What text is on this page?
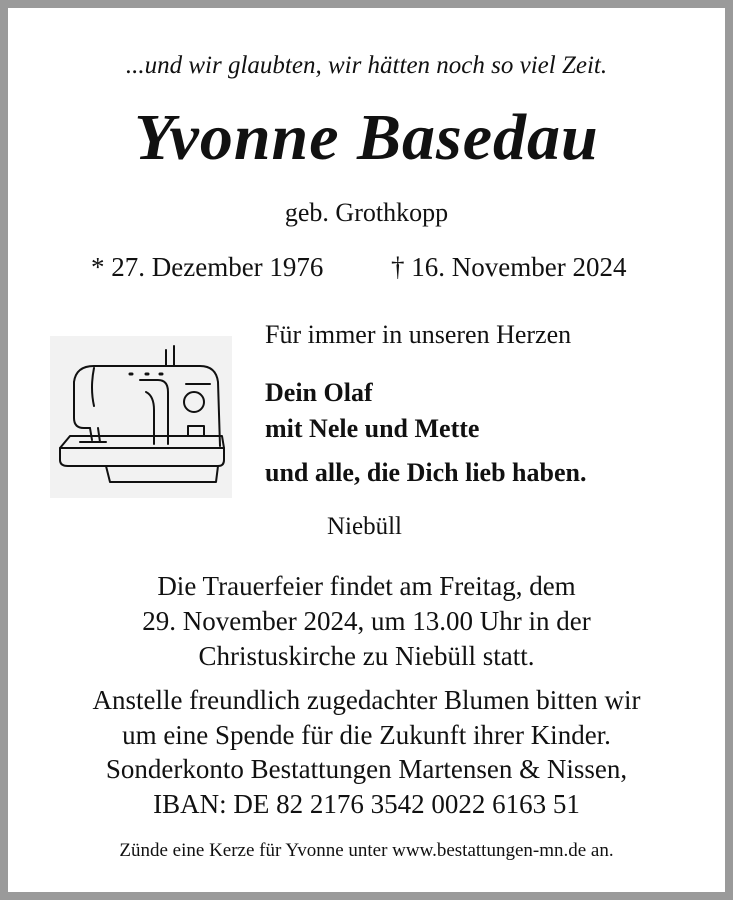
...und wir glaubten, wir hätten noch so viel Zeit.
Yvonne Basedau
geb. Grothkopp
* 27. Dezember 1976	† 16. November 2024
Für immer in unseren Herzen
Dein Olaf
mit Nele und Mette
und alle, die Dich lieb haben.
Niebüll
Die Trauerfeier findet am Freitag, dem
29. November 2024, um 13.00 Uhr in der
Christuskirche zu Niebüll statt.
Anstelle freundlich zugedachter Blumen bitten wir
um eine Spende für die Zukunft ihrer Kinder.
Sonderkonto Bestattungen Martensen & Nissen,
IBAN: DE 82 2176 3542 0022 6163 51
Zünde eine Kerze für Yvonne unter www.bestattungen-mn.de an.
